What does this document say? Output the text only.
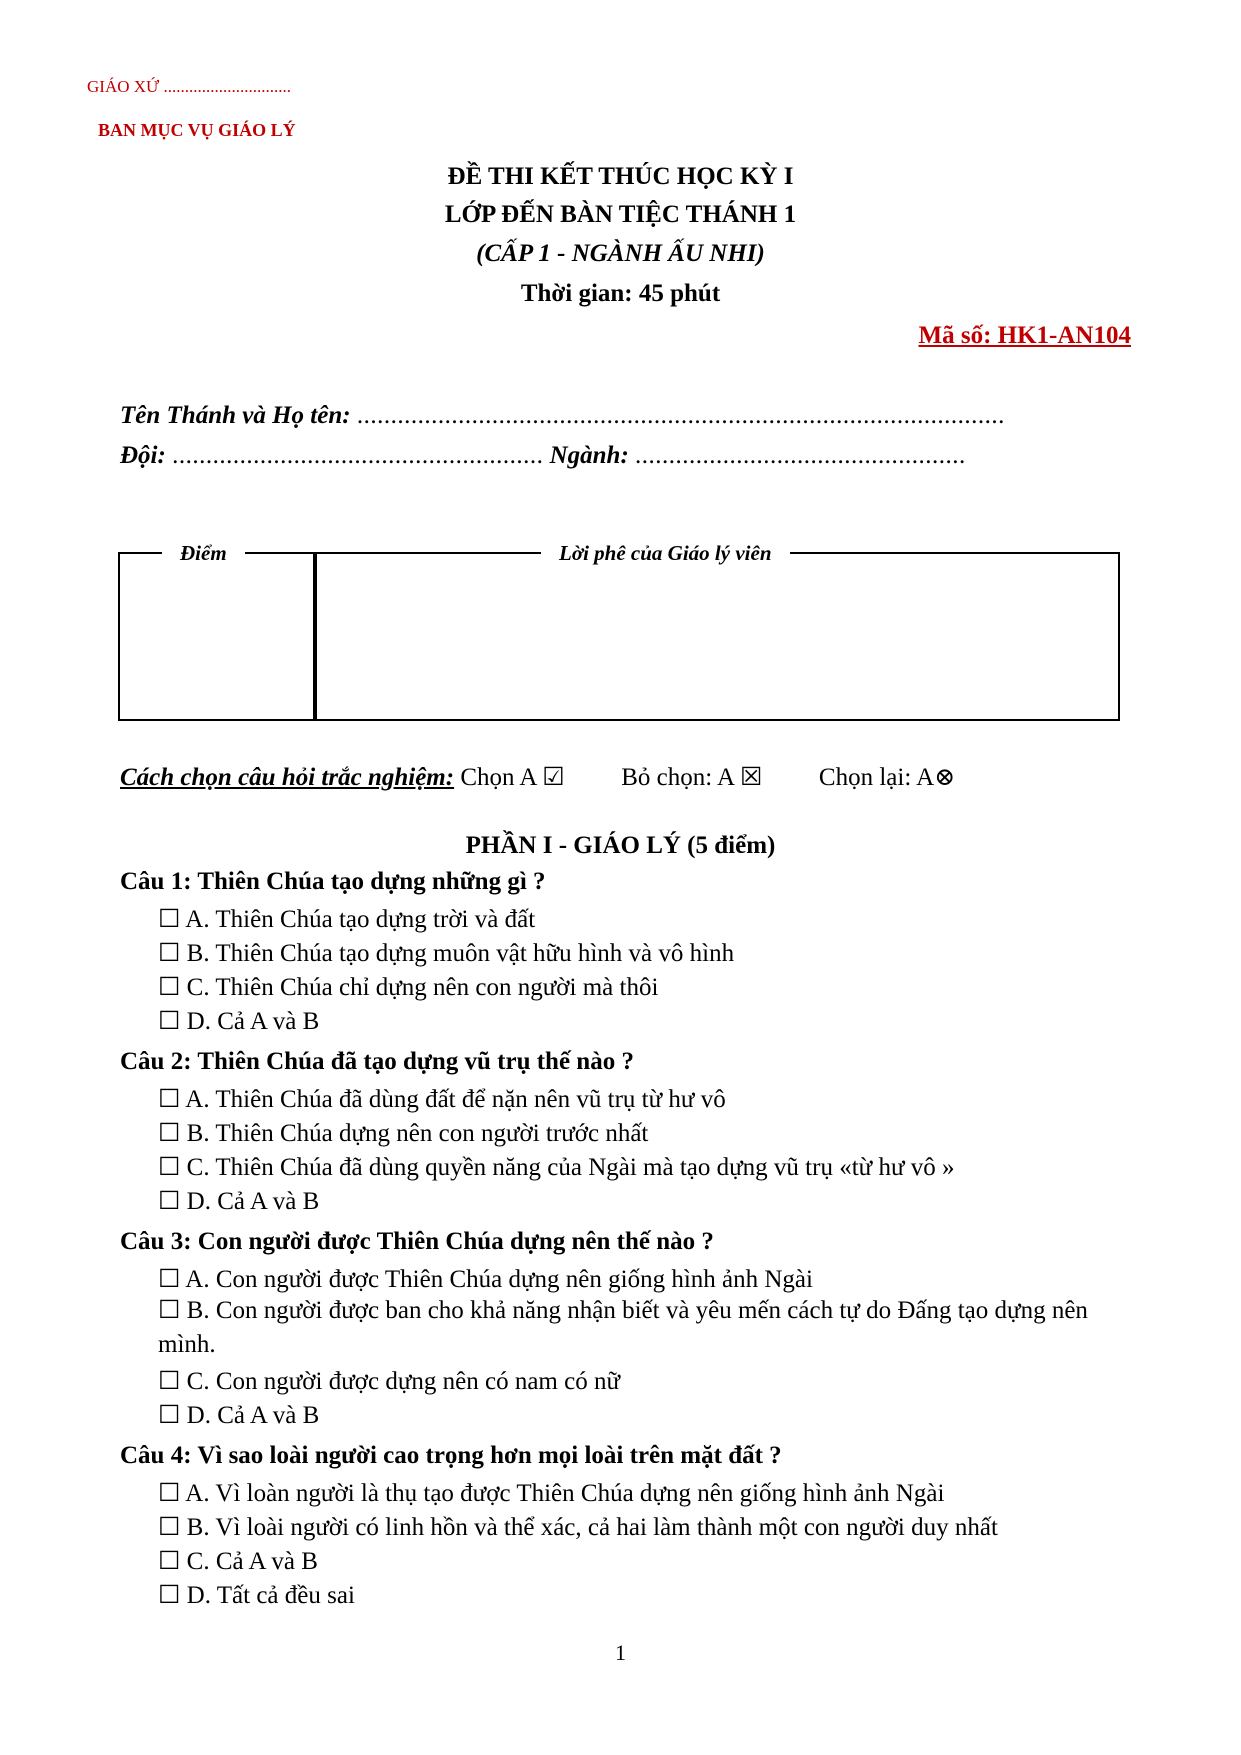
GIÁO XỨ ..............................
BAN MỤC VỤ GIÁO LÝ
ĐỀ THI KẾT THÚC HỌC KỲ I
LỚP ĐẾN BÀN TIỆC THÁNH 1
(CẤP 1 - NGÀNH ẤU NHI)
Thời gian: 45 phút
Mã số: HK1-AN104
Tên Thánh và Họ tên: ................................................................................................
Đội: ....................................................... Ngành: .................................................
Điểm	Lời phê của Giáo lý viên
Cách chọn câu hỏi trắc nghiệm: Chọn A ☑ Bỏ chọn: A ☒ Chọn lại: A⊗
PHẦN I - GIÁO LÝ (5 điểm)
Câu 1: Thiên Chúa tạo dựng những gì ?
☐ A. Thiên Chúa tạo dựng trời và đất
☐ B. Thiên Chúa tạo dựng muôn vật hữu hình và vô hình
☐ C. Thiên Chúa chỉ dựng nên con người mà thôi
☐ D. Cả A và B
Câu 2: Thiên Chúa đã tạo dựng vũ trụ thế nào ?
☐ A. Thiên Chúa đã dùng đất để nặn nên vũ trụ từ hư vô
☐ B. Thiên Chúa dựng nên con người trước nhất
☐ C. Thiên Chúa đã dùng quyền năng của Ngài mà tạo dựng vũ trụ «từ hư vô »
☐ D. Cả A và B
Câu 3: Con người được Thiên Chúa dựng nên thế nào ?
☐ A. Con người được Thiên Chúa dựng nên giống hình ảnh Ngài
☐ B. Con người được ban cho khả năng nhận biết và yêu mến cách tự do Đấng tạo dựng nên mình.
☐ C. Con người được dựng nên có nam có nữ
☐ D. Cả A và B
Câu 4: Vì sao loài người cao trọng hơn mọi loài trên mặt đất ?
☐ A. Vì loàn người là thụ tạo được Thiên Chúa dựng nên giống hình ảnh Ngài
☐ B. Vì loài người có linh hồn và thể xác, cả hai làm thành một con người duy nhất
☐ C. Cả A và B
☐ D. Tất cả đều sai
1
